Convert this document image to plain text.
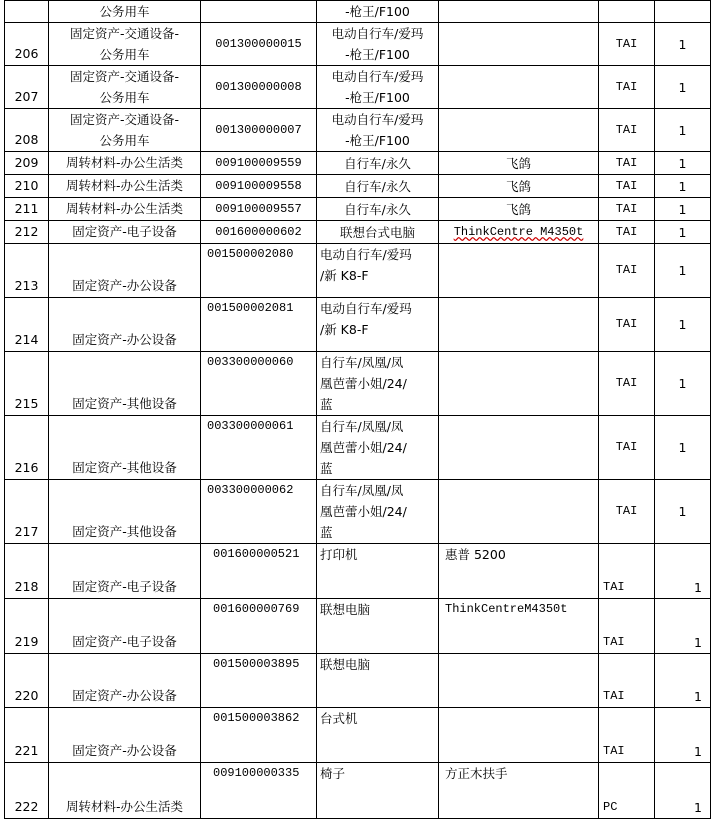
	公务用车		-枪王/F100			
206	固定资产-交通设备-
公务用车	001300000015	电动自行车/爱玛
-枪王/F100		TAI	1
207	固定资产-交通设备-
公务用车	001300000008	电动自行车/爱玛
-枪王/F100		TAI	1
208	固定资产-交通设备-
公务用车	001300000007	电动自行车/爱玛
-枪王/F100		TAI	1
209	周转材料-办公生活类	009100009559	自行车/永久	飞鸽	TAI	1
210	周转材料-办公生活类	009100009558	自行车/永久	飞鸽	TAI	1
211	周转材料-办公生活类	009100009557	自行车/永久	飞鸽	TAI	1
212	固定资产-电子设备	001600000602	联想台式电脑	ThinkCentre M4350t	TAI	1
213	固定资产-办公设备	001500002080	电动自行车/爱玛
/新 K8-F		TAI	1
214	固定资产-办公设备	001500002081	电动自行车/爱玛
/新 K8-F		TAI	1
215	固定资产-其他设备	003300000060	自行车/凤凰/凤
凰芭蕾小姐/24/
蓝		TAI	1
216	固定资产-其他设备	003300000061	自行车/凤凰/凤
凰芭蕾小姐/24/
蓝		TAI	1
217	固定资产-其他设备	003300000062	自行车/凤凰/凤
凰芭蕾小姐/24/
蓝		TAI	1
218	固定资产-电子设备	001600000521	打印机	惠普 5200	TAI	1
219	固定资产-电子设备	001600000769	联想电脑	ThinkCentreM4350t	TAI	1
220	固定资产-办公设备	001500003895	联想电脑		TAI	1
221	固定资产-办公设备	001500003862	台式机		TAI	1
222	周转材料-办公生活类	009100000335	椅子	方正木扶手	PC	1
